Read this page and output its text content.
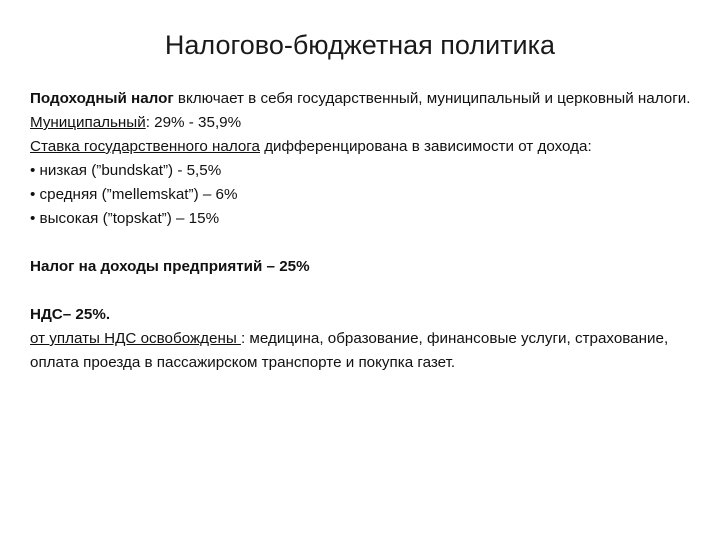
Налогово-бюджетная политика

Подоходный налог включает в себя государственный, муниципальный и церковный налоги.

Муниципальный: 29% - 35,9%

Ставка государственного налога дифференцирована в зависимости от дохода:

• низкая (”bundskat”) - 5,5%

• средняя (”mellemskat”) – 6%

• высокая (”topskat”) – 15%

Налог на доходы предприятий – 25%

НДС– 25%.

от уплаты НДС освобождены : медицина, образование, финансовые услуги, страхование, оплата проезда в пассажирском транспорте и покупка газет.
